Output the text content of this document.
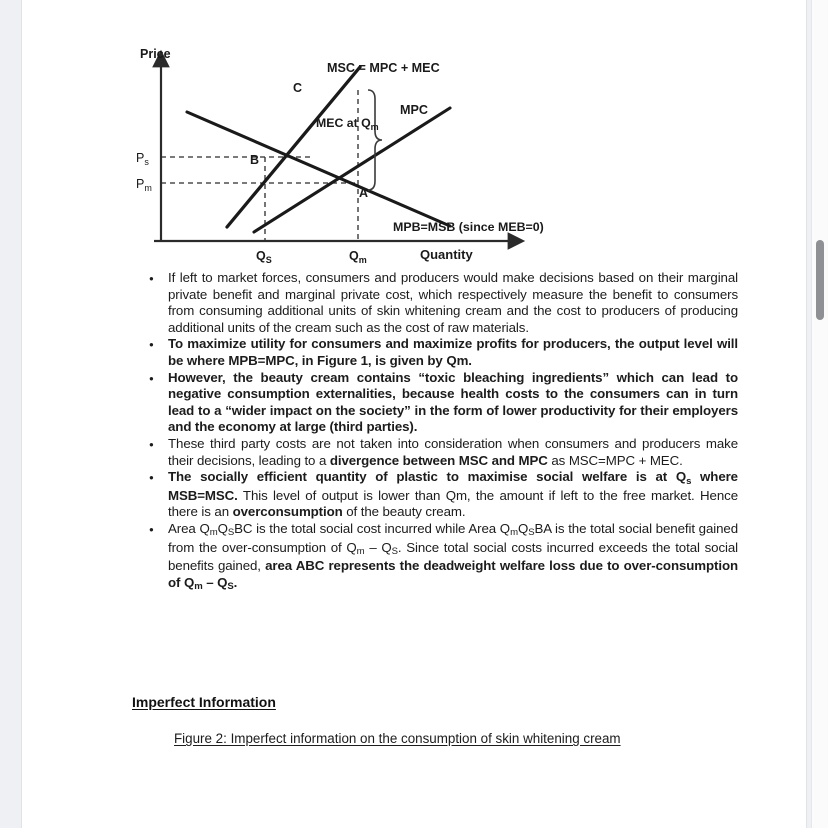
Price
Quantity
$P_s$
$P_m$
$Q_S$	$Q_m$
MSC = MPC + MEC
MPC
MEC at $Q_m$
MPB=MSB (since MEB=0)
C
B
A
● If left to market forces, consumers and producers would make decisions based on their marginal private benefit and marginal private cost, which respectively measure the benefit to consumers from consuming additional units of skin whitening cream and the cost to producers of producing additional units of the cream such as the cost of raw materials.
● To maximize utility for consumers and maximize profits for producers, the output level will be where MPB=MPC, in Figure 1, is given by Qm.
● However, the beauty cream contains “toxic bleaching ingredients” which can lead to negative consumption externalities, because health costs to the consumers can in turn lead to a “wider impact on the society” in the form of lower productivity for their employers and the economy at large (third parties).
● These third party costs are not taken into consideration when consumers and producers make their decisions, leading to a divergence between MSC and MPC as MSC=MPC + MEC.
● The socially efficient quantity of plastic to maximise social welfare is at $Q_s$ where MSB=MSC. This level of output is lower than Qm, the amount if left to the free market. Hence there is an overconsumption of the beauty cream.
● Area $Q_mQ_SBC$ is the total social cost incurred while Area $Q_mQ_SBA$ is the total social benefit gained from the over-consumption of $Q_m - Q_S$. Since total social costs incurred exceeds the total social benefits gained, area ABC represents the deadweight welfare loss due to over-consumption of $Q_m - Q_S$.
Imperfect Information
Figure 2: Imperfect information on the consumption of skin whitening cream
